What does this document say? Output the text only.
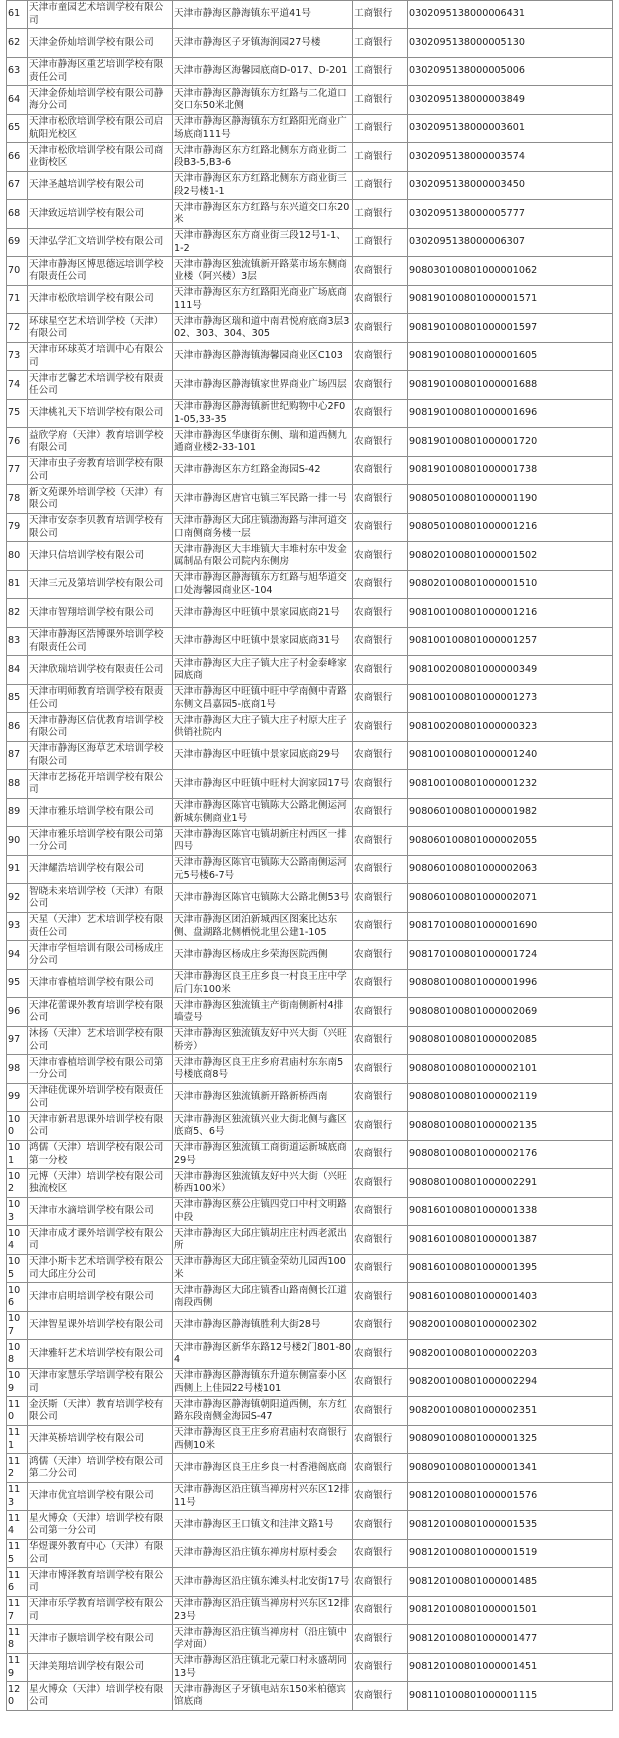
61	天津市童园艺术培训学校有限公司	天津市静海区静海镇东平道41号	工商银行	0302095138000006431
62	天津金侨灿培训学校有限公司	天津市静海区子牙镇海润园27号楼	工商银行	0302095138000005130
63	天津市静海区重艺培训学校有限责任公司	天津市静海区海馨园底商D-017、D-201	工商银行	0302095138000005006
64	天津金侨灿培训学校有限公司静海分公司	天津市静海区静海镇东方红路与二化道口交口东50米北侧	工商银行	0302095138000003849
65	天津市松欣培训学校有限公司启航阳光校区	天津市静海区静海镇东方红路阳光商业广场底商111号	工商银行	0302095138000003601
66	天津市松欣培训学校有限公司商业街校区	天津市静海区东方红路北侧东方商业街二段B3-5,B3-6	工商银行	0302095138000003574
67	天津圣越培训学校有限公司	天津市静海区东方红路北侧东方商业街三段2号楼1-1	工商银行	0302095138000003450
68	天津致远培训学校有限公司	天津市静海区东方红路与东兴道交口东20米	工商银行	0302095138000005777
69	天津弘学汇文培训学校有限公司	天津市静海区东方商业街三段12号1-1、1-2	工商银行	0302095138000006307
70	天津市静海区博思德远培训学校有限责任公司	天津市静海区独流镇新开路菜市场东侧商业楼（阿兴楼）3层	农商银行	908030100801000001062
71	天津市松欣培训学校有限公司	天津市静海区东方红路阳光商业广场底商111号	农商银行	908190100801000001571
72	环球星空艺术培训学校（天津）有限公司	天津市静海区瑞和道中南君悦府底商3层302、303、304、305	农商银行	908190100801000001597
73	天津市环球英才培训中心有限公司	天津市静海区静海镇海馨园商业区C103	农商银行	908190100801000001605
74	天津市艺馨艺术培训学校有限责任公司	天津市静海区静海镇家世界商业广场四层	农商银行	908190100801000001688
75	天津桃礼天下培训学校有限公司	天津市静海区静海镇新世纪购物中心2F01-05,33-35	农商银行	908190100801000001696
76	益欣学府（天津）教育培训学校有限公司	天津市静海区华康街东侧、瑞和道西侧九通商业楼2-33-101	农商银行	908190100801000001720
77	天津市虫子旁教育培训学校有限公司	天津市静海区东方红路金海园S-42	农商银行	908190100801000001738
78	新文苑课外培训学校（天津）有限公司	天津市静海区唐官屯镇三军民路一排一号	农商银行	908050100801000001190
79	天津市安奈李贝教育培训学校有限公司	天津市静海区大邱庄镇渤海路与津河道交口南侧商务楼一层	农商银行	908050100801000001216
80	天津只信培训学校有限公司	天津市静海区大丰堆镇大丰堆村东中发金属制品有限公司院内东侧房	农商银行	908020100801000001502
81	天津三元及第培训学校有限公司	天津市静海区静海镇东方红路与旭华道交口处海馨园商业区-104	农商银行	908020100801000001510
82	天津市智翔培训学校有限公司	天津市静海区中旺镇中景家园底商21号	农商银行	908100100801000001216
83	天津市静海区浩博课外培训学校有限责任公司	天津市静海区中旺镇中景家园底商31号	农商银行	908100100801000001257
84	天津欣瑞培训学校有限责任公司	天津市静海区大庄子镇大庄子村金泰峰家园底商	农商银行	908100200801000000349
85	天津市明师教育培训学校有限责任公司	天津市静海区中旺镇中旺中学南侧中青路东侧文昌嘉园5-底商1号	农商银行	908100100801000001273
86	天津市静海区信优教育培训学校有限公司	天津市静海区大庄子镇大庄子村原大庄子供销社院内	农商银行	908100200801000000323
87	天津市静海区海草艺术培训学校有限公司	天津市静海区中旺镇中景家园底商29号	农商银行	908100100801000001240
88	天津市艺扬花开培训学校有限公司	天津市静海区中旺镇中旺村大润家园17号	农商银行	908100100801000001232
89	天津市雅乐培训学校有限公司	天津市静海区陈官屯镇陈大公路北侧运河新城东侧商业1号	农商银行	908060100801000001982
90	天津市雅乐培训学校有限公司第一分公司	天津市静海区陈官屯镇胡新庄村西区一排四号	农商银行	908060100801000002055
91	天津耀浩培训学校有限公司	天津市静海区陈官屯镇陈大公路南侧运河元5号楼6-7号	农商银行	908060100801000002063
92	智晓未来培训学校（天津）有限公司	天津市静海区陈官屯镇陈大公路北侧53号	农商银行	908060100801000002071
93	天星（天津）艺术培训学校有限责任公司	天津市静海区团泊新城西区图案比达东侧、盘湖路北侧栖悦北里公建1-105	农商银行	908170100801000001690
94	天津市学恒培训有限公司杨成庄分公司	天津市静海区杨成庄乡荣海医院西侧	农商银行	908170100801000001724
95	天津市睿植培训学校有限公司	天津市静海区良王庄乡良一村良王庄中学后门东100米	农商银行	908080100801000001996
96	天津花蕾课外教育培训学校有限公司	天津市静海区独流镇主产街南侧新村4排墙壹号	农商银行	908080100801000002069
97	沐扬（天津）艺术培训学校有限公司	天津市静海区独流镇友好中兴大街（兴旺桥旁）	农商银行	908080100801000002085
98	天津市睿植培训学校有限公司第一分公司	天津市静海区良王庄乡府君庙村东东南5号楼底商8号	农商银行	908080100801000002101
99	天津硅优课外培训学校有限责任公司	天津市静海区独流镇新开路新桥西南	农商银行	908080100801000002119
100	天津市新君思课外培训学校有限公司	天津市静海区独流镇兴业大街北侧与鑫区底商5、6号	农商银行	908080100801000002135
101	鸿儒（天津）培训学校有限公司第一分校	天津市静海区独流镇工商街道运新城底商29号	农商银行	908080100801000002176
102	元博（天津）培训学校有限公司独流校区	天津市静海区独流镇友好中兴大街（兴旺桥西100米）	农商银行	908080100801000002291
103	天津市水滴培训学校有限公司	天津市静海区蔡公庄镇四党口中村文明路中段	农商银行	908160100801000001338
104	天津市成才课外培训学校有限公司	天津市静海区大邱庄镇胡庄庄村西老派出所	农商银行	908160100801000001387
105	天津小斯卡艺术培训学校有限公司大邱庄分公司	天津市静海区大邱庄镇金荣幼儿园西100米	农商银行	908160100801000001395
106	天津市启明培训学校有限公司	天津市静海区大邱庄镇香山路南侧长江道南段西侧	农商银行	908160100801000001403
107	天津智星课外培训学校有限公司	天津市静海区静海镇胜利大街28号	农商银行	908200100801000002302
108	天津雅轩艺术培训学校有限公司	天津市静海区新华东路12号楼2门801-804	农商银行	908200100801000002203
109	天津市家慧乐学培训学校有限公司	天津市静海区静海镇东升道东侧富泰小区西侧上上佳园22号楼101	农商银行	908200100801000002294
110	金沃斯（天津）教育培训学校有限公司	天津市静海区静海镇朝阳道西侧，东方红路东段南侧金海园S-47	农商银行	908200100801000002351
111	天津英桥培训学校有限公司	天津市静海区良王庄乡府君庙村农商银行西侧10米	农商银行	908090100801000001325
112	鸿儒（天津）培训学校有限公司第二分公司	天津市静海区良王庄乡良一村香港阁底商	农商银行	908090100801000001341
113	天津市优宜培训学校有限公司	天津市静海区沿庄镇当禅房村兴东区12排11号	农商银行	908120100801000001576
114	星火博众（天津）培训学校有限公司第一分公司	天津市静海区王口镇文和洼津文路1号	农商银行	908120100801000001535
115	华煜课外教育中心（天津）有限公司	天津市静海区沿庄镇东禅房村原村委会	农商银行	908120100801000001519
116	天津市博泽教育培训学校有限公司	天津市静海区沿庄镇东滩头村北安街17号	农商银行	908120100801000001485
117	天津市乐学教育培训学校有限公司	天津市静海区沿庄镇当禅房村兴东区12排23号	农商银行	908120100801000001501
118	天津市子颢培训学校有限公司	天津市静海区沿庄镇当禅房村（沿庄镇中学对面）	农商银行	908120100801000001477
119	天津美翔培训学校有限公司	天津市静海区沿庄镇北元蒙口村永盛胡同13号	农商银行	908120100801000001451
120	星火博众（天津）培训学校有限公司	天津市静海区子牙镇电站东150米柏德宾馆底商	农商银行	908110100801000001115
